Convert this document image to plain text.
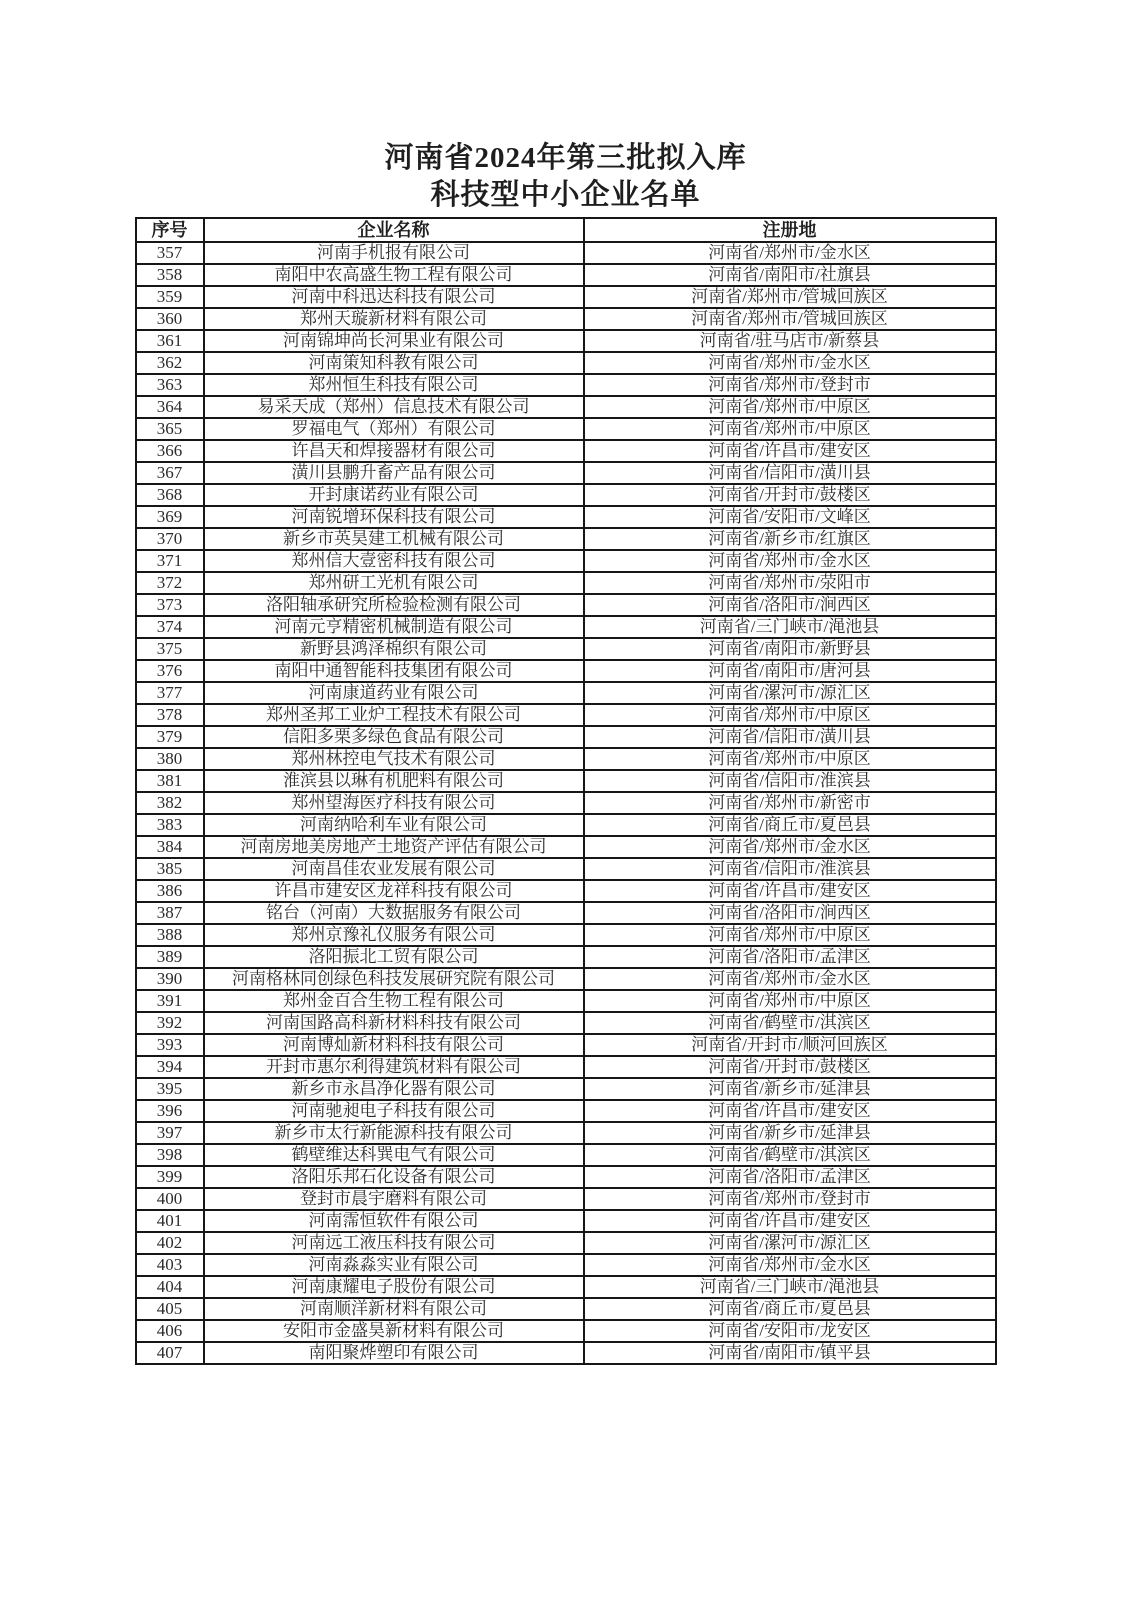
河南省2024年第三批拟入库
科技型中小企业名单
序号	企业名称	注册地
357	河南手机报有限公司	河南省/郑州市/金水区
358	南阳中农高盛生物工程有限公司	河南省/南阳市/社旗县
359	河南中科迅达科技有限公司	河南省/郑州市/管城回族区
360	郑州天璇新材料有限公司	河南省/郑州市/管城回族区
361	河南锦坤尚长河果业有限公司	河南省/驻马店市/新蔡县
362	河南策知科教有限公司	河南省/郑州市/金水区
363	郑州恒生科技有限公司	河南省/郑州市/登封市
364	易采天成（郑州）信息技术有限公司	河南省/郑州市/中原区
365	罗福电气（郑州）有限公司	河南省/郑州市/中原区
366	许昌天和焊接器材有限公司	河南省/许昌市/建安区
367	潢川县鹏升畜产品有限公司	河南省/信阳市/潢川县
368	开封康诺药业有限公司	河南省/开封市/鼓楼区
369	河南锐增环保科技有限公司	河南省/安阳市/文峰区
370	新乡市英昊建工机械有限公司	河南省/新乡市/红旗区
371	郑州信大壹密科技有限公司	河南省/郑州市/金水区
372	郑州研工光机有限公司	河南省/郑州市/荥阳市
373	洛阳轴承研究所检验检测有限公司	河南省/洛阳市/涧西区
374	河南元亨精密机械制造有限公司	河南省/三门峡市/渑池县
375	新野县鸿泽棉织有限公司	河南省/南阳市/新野县
376	南阳中通智能科技集团有限公司	河南省/南阳市/唐河县
377	河南康道药业有限公司	河南省/漯河市/源汇区
378	郑州圣邦工业炉工程技术有限公司	河南省/郑州市/中原区
379	信阳多栗多绿色食品有限公司	河南省/信阳市/潢川县
380	郑州林控电气技术有限公司	河南省/郑州市/中原区
381	淮滨县以琳有机肥料有限公司	河南省/信阳市/淮滨县
382	郑州望海医疗科技有限公司	河南省/郑州市/新密市
383	河南纳哈利车业有限公司	河南省/商丘市/夏邑县
384	河南房地美房地产土地资产评估有限公司	河南省/郑州市/金水区
385	河南昌佳农业发展有限公司	河南省/信阳市/淮滨县
386	许昌市建安区龙祥科技有限公司	河南省/许昌市/建安区
387	铭台（河南）大数据服务有限公司	河南省/洛阳市/涧西区
388	郑州京豫礼仪服务有限公司	河南省/郑州市/中原区
389	洛阳振北工贸有限公司	河南省/洛阳市/孟津区
390	河南格林同创绿色科技发展研究院有限公司	河南省/郑州市/金水区
391	郑州金百合生物工程有限公司	河南省/郑州市/中原区
392	河南国路高科新材料科技有限公司	河南省/鹤壁市/淇滨区
393	河南博灿新材料科技有限公司	河南省/开封市/顺河回族区
394	开封市惠尔利得建筑材料有限公司	河南省/开封市/鼓楼区
395	新乡市永昌净化器有限公司	河南省/新乡市/延津县
396	河南驰昶电子科技有限公司	河南省/许昌市/建安区
397	新乡市太行新能源科技有限公司	河南省/新乡市/延津县
398	鹤壁维达科巽电气有限公司	河南省/鹤壁市/淇滨区
399	洛阳乐邦石化设备有限公司	河南省/洛阳市/孟津区
400	登封市晨宇磨料有限公司	河南省/郑州市/登封市
401	河南霈恒软件有限公司	河南省/许昌市/建安区
402	河南远工液压科技有限公司	河南省/漯河市/源汇区
403	河南淼淼实业有限公司	河南省/郑州市/金水区
404	河南康耀电子股份有限公司	河南省/三门峡市/渑池县
405	河南顺洋新材料有限公司	河南省/商丘市/夏邑县
406	安阳市金盛昊新材料有限公司	河南省/安阳市/龙安区
407	南阳聚烨塑印有限公司	河南省/南阳市/镇平县
